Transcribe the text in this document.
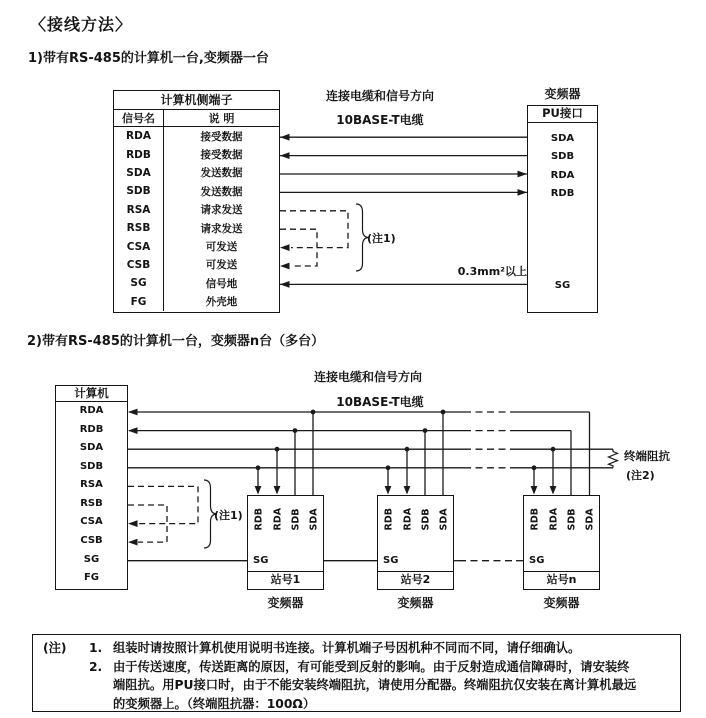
〈接线方法〉
1)带有RS-485的计算机一台,变频器一台
计算机侧端子
信号名	说 明
RDA	接受数据
RDB	接受数据
SDA	发送数据
SDB	发送数据
RSA	请求发送
RSB	请求发送
CSA	可发送
CSB	可发送
SG	信号地
FG	外壳地
连接电缆和信号方向
10BASE-T电缆
(注1)
0.3mm²以上
变频器
PU接口
SDA
SDB
RDA
RDB
SG
2)带有RS-485的计算机一台，变频器n台（多台）
连接电缆和信号方向
10BASE-T电缆
(注1)
终端阻抗
(注2)
计算机
RDA
RDB
SDA
SDB
RSA
RSB
CSA
CSB
SG
FG
RDB RDA SDB SDA
SG
站号1
变频器
RDB RDA SDB SDA
SG
站号2
变频器
RDB RDA SDB SDA
SG
站号n
变频器
(注) 1. 组装时请按照计算机使用说明书连接。计算机端子号因机种不同而不同，请仔细确认。
2. 由于传送速度，传送距离的原因，有可能受到反射的影响。由于反射造成通信障碍时，请安装终
端阻抗。用PU接口时，由于不能安装终端阻抗，请使用分配器。终端阻抗仅安装在离计算机最远
的变频器上。（终端阻抗器：100Ω）
